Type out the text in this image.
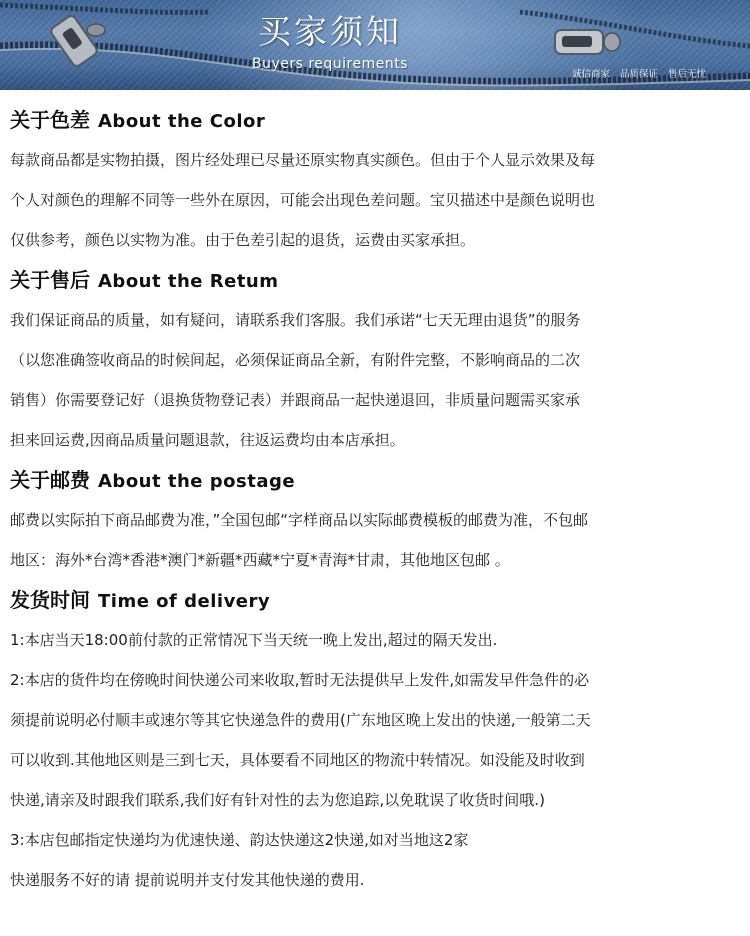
买家须知
Buyers requirements
诚信商家 品质保证 售后无忧
关于色差 About the Color
每款商品都是实物拍摄，图片经处理已尽量还原实物真实颜色。但由于个人显示效果及每
个人对颜色的理解不同等一些外在原因，可能会出现色差问题。宝贝描述中是颜色说明也
仅供参考，颜色以实物为准。由于色差引起的退货，运费由买家承担。
关于售后 About the Retum
我们保证商品的质量，如有疑问，请联系我们客服。我们承诺“七天无理由退货”的服务
（以您准确签收商品的时候间起，必须保证商品全新，有附件完整，不影响商品的二次
销售）你需要登记好（退换货物登记表）并跟商品一起快递退回，非质量问题需买家承
担来回运费,因商品质量问题退款，往返运费均由本店承担。
关于邮费 About the postage
邮费以实际拍下商品邮费为准，”全国包邮“字样商品以实际邮费模板的邮费为准，不包邮
地区：海外*台湾*香港*澳门*新疆*西藏*宁夏*青海*甘肃，其他地区包邮 。
发货时间 Time of delivery
1:本店当天18:00前付款的正常情况下当天统一晚上发出,超过的隔天发出.
2:本店的货件均在傍晚时间快递公司来收取,暂时无法提供早上发件,如需发早件急件的必
须提前说明必付顺丰或速尔等其它快递急件的费用(广东地区晚上发出的快递,一般第二天
可以收到.其他地区则是三到七天，具体要看不同地区的物流中转情况。如没能及时收到
快递,请亲及时跟我们联系,我们好有针对性的去为您追踪,以免耽误了收货时间哦.)
3:本店包邮指定快递均为优速快递、韵达快递这2快递,如对当地这2家
快递服务不好的请 提前说明并支付发其他快递的费用.
